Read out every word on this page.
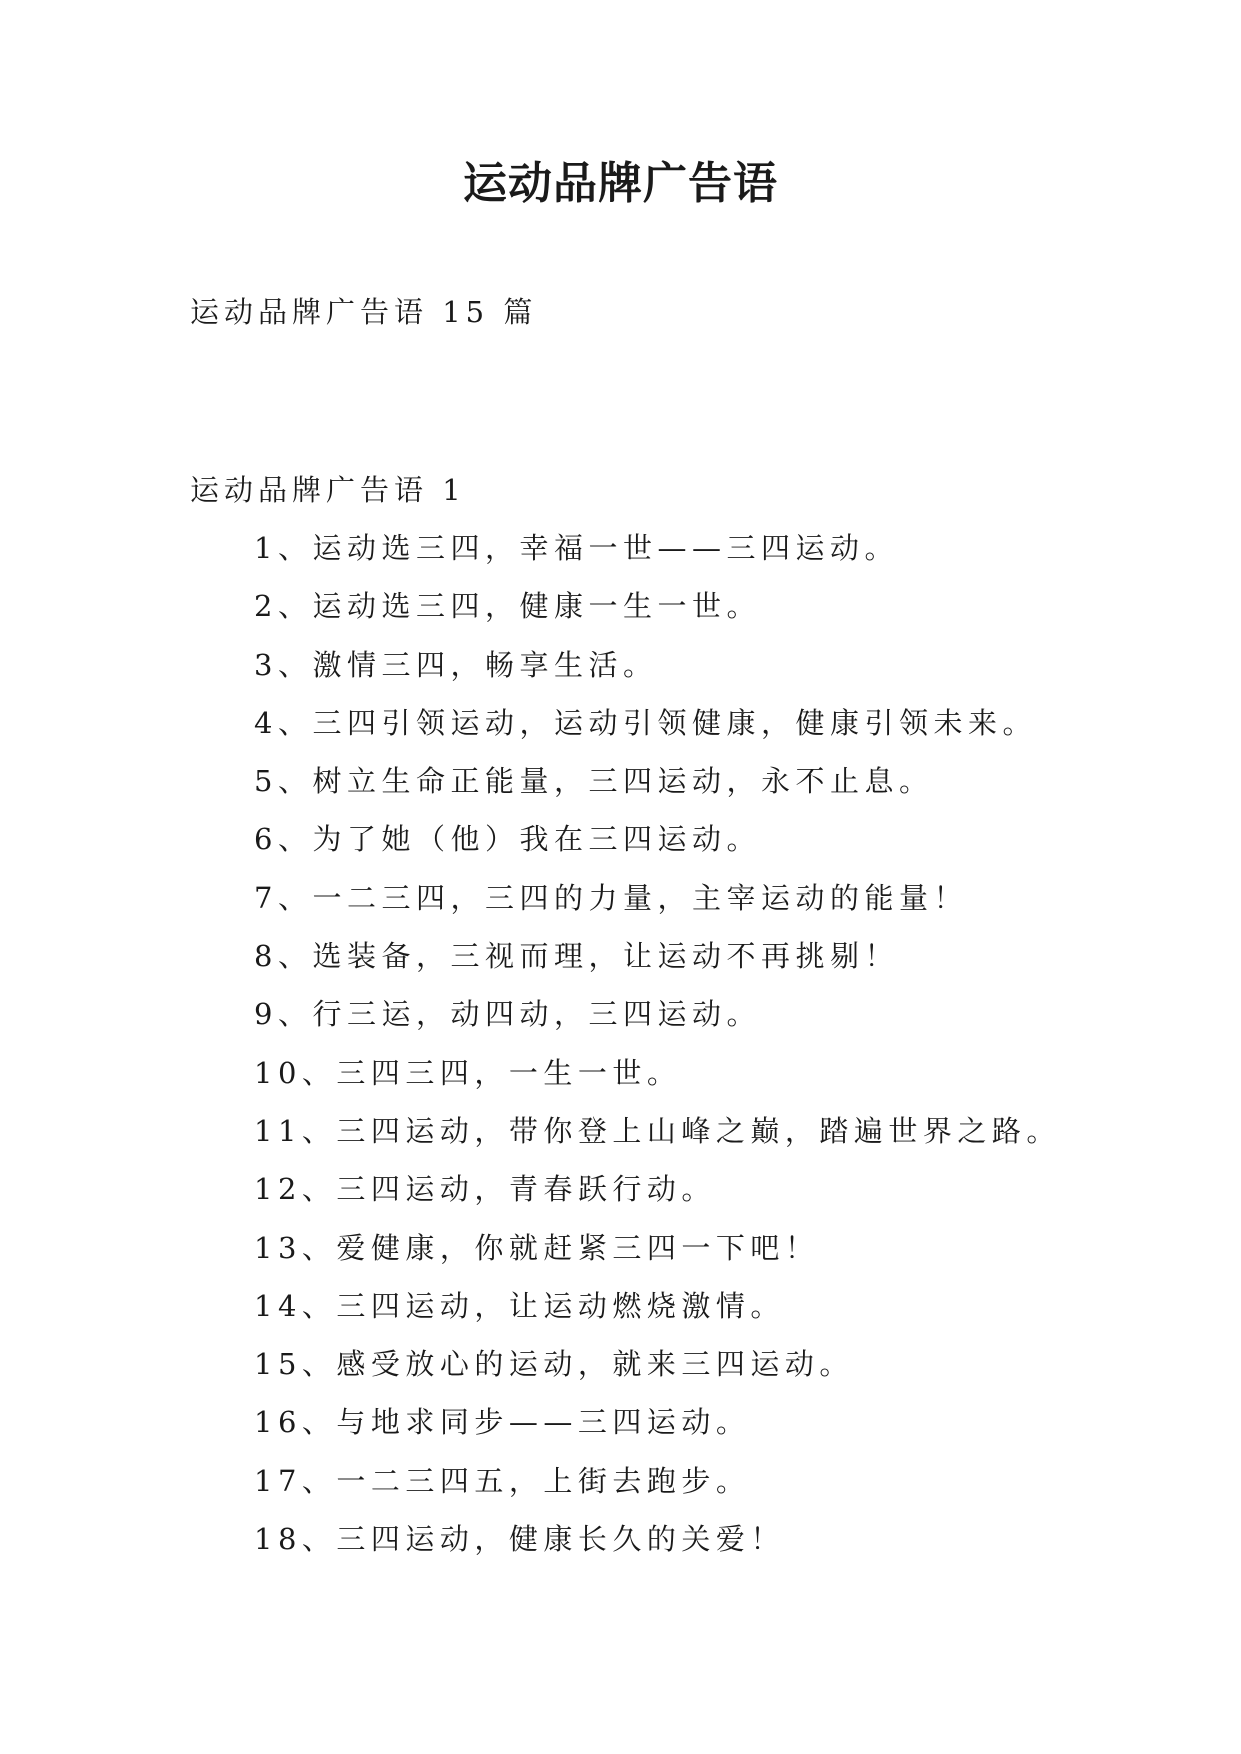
运动品牌广告语
运动品牌广告语 15 篇
运动品牌广告语 1
1、运动选三四，幸福一世——三四运动。
2、运动选三四，健康一生一世。
3、激情三四，畅享生活。
4、三四引领运动，运动引领健康，健康引领未来。
5、树立生命正能量，三四运动，永不止息。
6、为了她（他）我在三四运动。
7、一二三四，三四的力量，主宰运动的能量！
8、选装备，三视而理，让运动不再挑剔！
9、行三运，动四动，三四运动。
10、三四三四，一生一世。
11、三四运动，带你登上山峰之巅，踏遍世界之路。
12、三四运动，青春跃行动。
13、爱健康，你就赶紧三四一下吧！
14、三四运动，让运动燃烧激情。
15、感受放心的运动，就来三四运动。
16、与地求同步——三四运动。
17、一二三四五，上街去跑步。
18、三四运动，健康长久的关爱！
